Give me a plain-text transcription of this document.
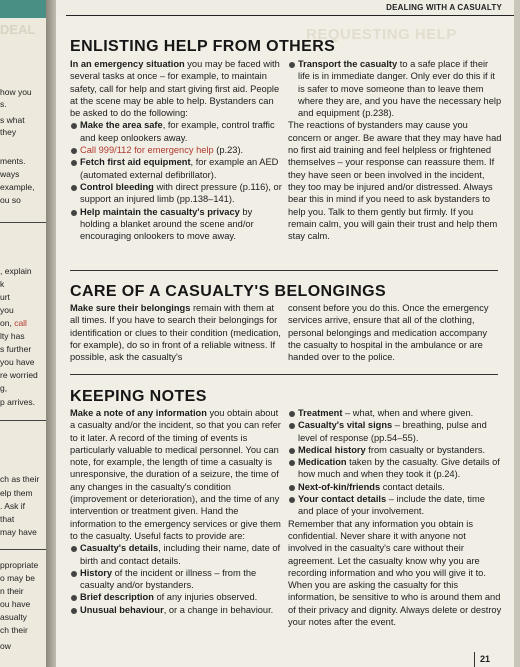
DEAL
how you
s.
s what
they
ments.
ways
example,
ou so
, explain
k
urt
you
on, call
lty has
s further
you have
re worried
g,
p arrives.
ch as their
elp them
. Ask if
that
may have
ppropriate
o may be
n their
ou have
asualty
ch their
ow
DEALING WITH A CASUALTY
REQUESTING HELP
ENLISTING HELP FROM OTHERS

In an emergency situation you may be faced with several tasks at once – for example, to maintain safety, call for help and start giving first aid. People at the scene may be able to help. Bystanders can be asked to do the following:

Make the area safe, for example, control traffic and keep onlookers away.
Call 999/112 for emergency help (p.23).
Fetch first aid equipment, for example an AED (automated external defibrillator).
Control bleeding with direct pressure (p.116), or support an injured limb (pp.138–141).
Help maintain the casualty's privacy by holding a blanket around the scene and/or encouraging onlookers to move away.
Transport the casualty to a safe place if their life is in immediate danger. Only ever do this if it is safer to move someone than to leave them where they are, and you have the necessary help and equipment (p.238).

The reactions of bystanders may cause you concern or anger. Be aware that they may have had no first aid training and feel helpless or frightened themselves – your response can reassure them. If they have seen or been involved in the incident, they too may be injured and/or distressed. Always bear this in mind if you need to ask bystanders to help you. Talk to them gently but firmly. If you remain calm, you will gain their trust and help them stay calm.

CARE OF A CASUALTY'S BELONGINGS

Make sure their belongings remain with them at all times. If you have to search their belongings for identification or clues to their condition (medication, for example), do so in front of a reliable witness. If possible, ask the casualty's

consent before you do this. Once the emergency services arrive, ensure that all of the clothing, personal belongings and medication accompany the casualty to hospital in the ambulance or are handed over to the police.

KEEPING NOTES

Make a note of any information you obtain about a casualty and/or the incident, so that you can refer to it later. A record of the timing of events is particularly valuable to medical personnel. You can note, for example, the length of time a casualty is unresponsive, the duration of a seizure, the time of any changes in the casualty's condition (improvement or deterioration), and the time of any intervention or treatment given. Hand the information to the emergency services or give them to the casualty. Useful facts to provide are:

Casualty's details, including their name, date of birth and contact details.
History of the incident or illness – from the casualty and/or bystanders.
Brief description of any injuries observed.
Unusual behaviour, or a change in behaviour.
Treatment – what, when and where given.
Casualty's vital signs – breathing, pulse and level of response (pp.54–55).
Medical history from casualty or bystanders.
Medication taken by the casualty. Give details of how much and when they took it (p.24).
Next-of-kin/friends contact details.
Your contact details – include the date, time and place of your involvement.

Remember that any information you obtain is confidential. Never share it with anyone not involved in the casualty's care without their agreement. Let the casualty know why you are recording information and who you will give it to. When you are asking the casualty for this information, be sensitive to who is around them and of their privacy and dignity. Always delete or destroy your notes after the event.

21
